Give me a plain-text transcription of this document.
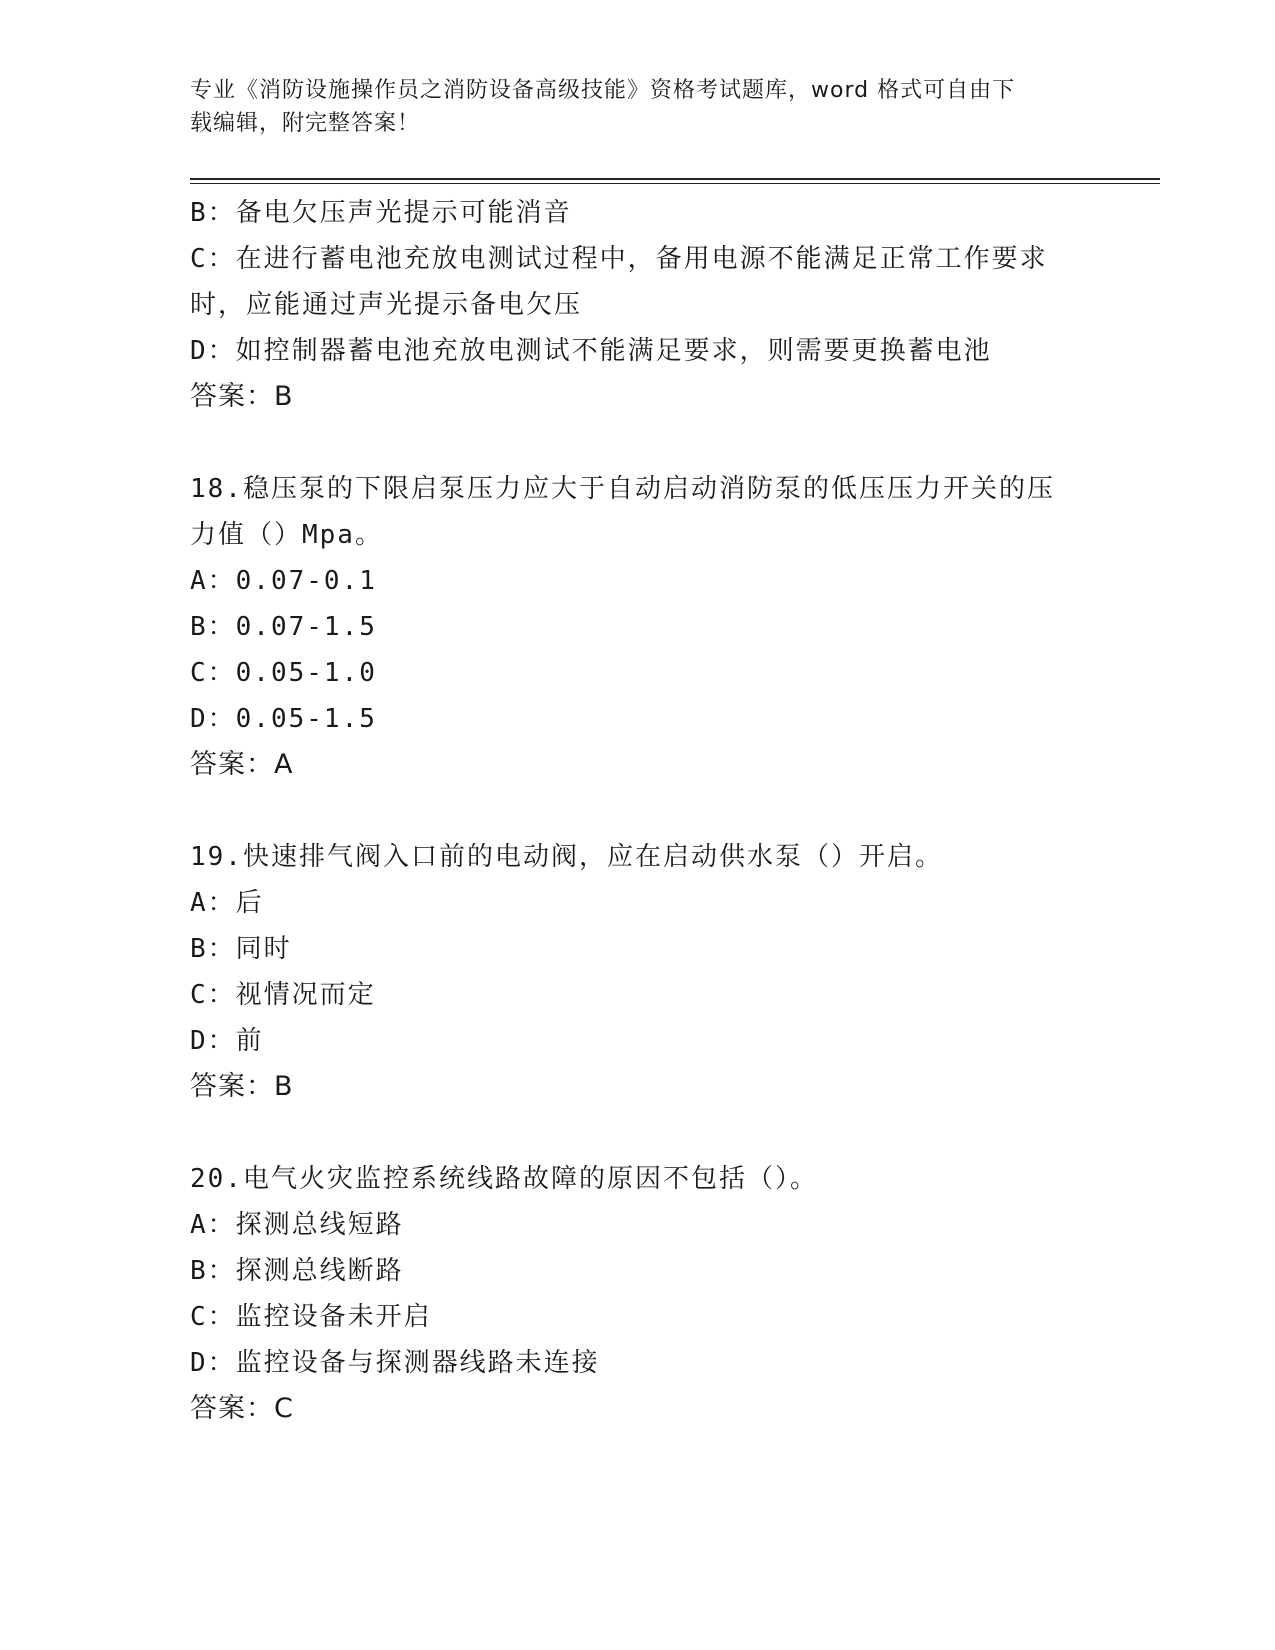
专业《消防设施操作员之消防设备高级技能》资格考试题库，word 格式可自由下
载编辑，附完整答案！
B：备电欠压声光提示可能消音
C：在进行蓄电池充放电测试过程中，备用电源不能满足正常工作要求
时，应能通过声光提示备电欠压
D：如控制器蓄电池充放电测试不能满足要求，则需要更换蓄电池
答案：B
18.稳压泵的下限启泵压力应大于自动启动消防泵的低压压力开关的压
力值（）Mpa。
A：0.07-0.1
B：0.07-1.5
C：0.05-1.0
D：0.05-1.5
答案：A
19.快速排气阀入口前的电动阀，应在启动供水泵（）开启。
A：后
B：同时
C：视情况而定
D：前
答案：B
20.电气火灾监控系统线路故障的原因不包括（）。
A：探测总线短路
B：探测总线断路
C：监控设备未开启
D：监控设备与探测器线路未连接
答案：C
